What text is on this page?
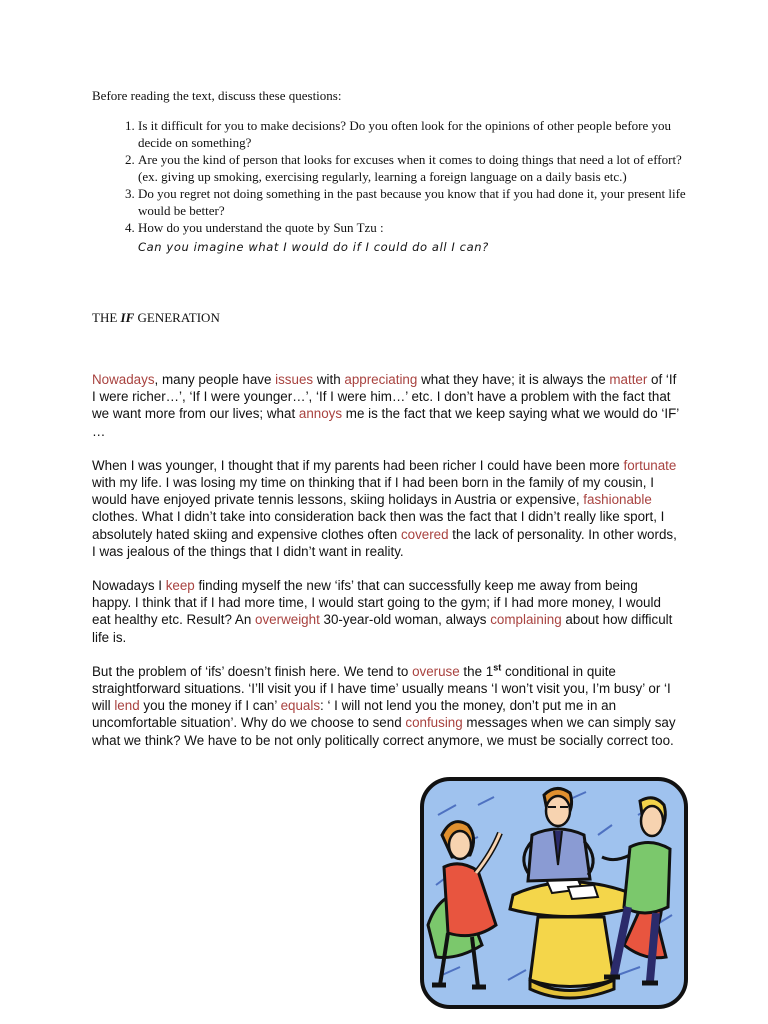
Before reading the text, discuss these questions:

1. Is it difficult for you to make decisions? Do you often look for the opinions of other people before you decide on something?
2. Are you the kind of person that looks for excuses when it comes to doing things that need a lot of effort? (ex. giving up smoking, exercising regularly, learning a foreign language on a daily basis etc.)
3. Do you regret not doing something in the past because you know that if you had done it, your present life would be better?
4. How do you understand the quote by Sun Tzu :
Can you imagine what I would do if I could do all I can?

THE IF GENERATION

Nowadays, many people have issues with appreciating what they have; it is always the matter of ‘If I were richer…’, ‘If I were younger…’, ‘If I were him…’ etc. I don’t have a problem with the fact that we want more from our lives; what annoys me is the fact that we keep saying what we would do ‘IF’ …

When I was younger, I thought that if my parents had been richer I could have been more fortunate with my life. I was losing my time on thinking that if I had been born in the family of my cousin, I would have enjoyed private tennis lessons, skiing holidays in Austria or expensive, fashionable clothes. What I didn’t take into consideration back then was the fact that I didn’t really like sport, I absolutely hated skiing and expensive clothes often covered the lack of personality. In other words, I was jealous of the things that I didn’t want in reality.

Nowadays I keep finding myself the new ‘ifs’ that can successfully keep me away from being happy. I think that if I had more time, I would start going to the gym; if I had more money, I would eat healthy etc. Result? An overweight 30-year-old woman, always complaining about how difficult life is.

But the problem of ‘ifs’ doesn’t finish here. We tend to overuse the 1st conditional in quite straightforward situations. ‘I’ll visit you if I have time’ usually means ‘I won’t visit you, I’m busy’ or ‘I will lend you the money if I can’ equals: ‘ I will not lend you the money, don’t put me in an uncomfortable situation’. Why do we choose to send confusing messages when we can simply say what we think? We have to be not only politically correct anymore, we must be socially correct too.
